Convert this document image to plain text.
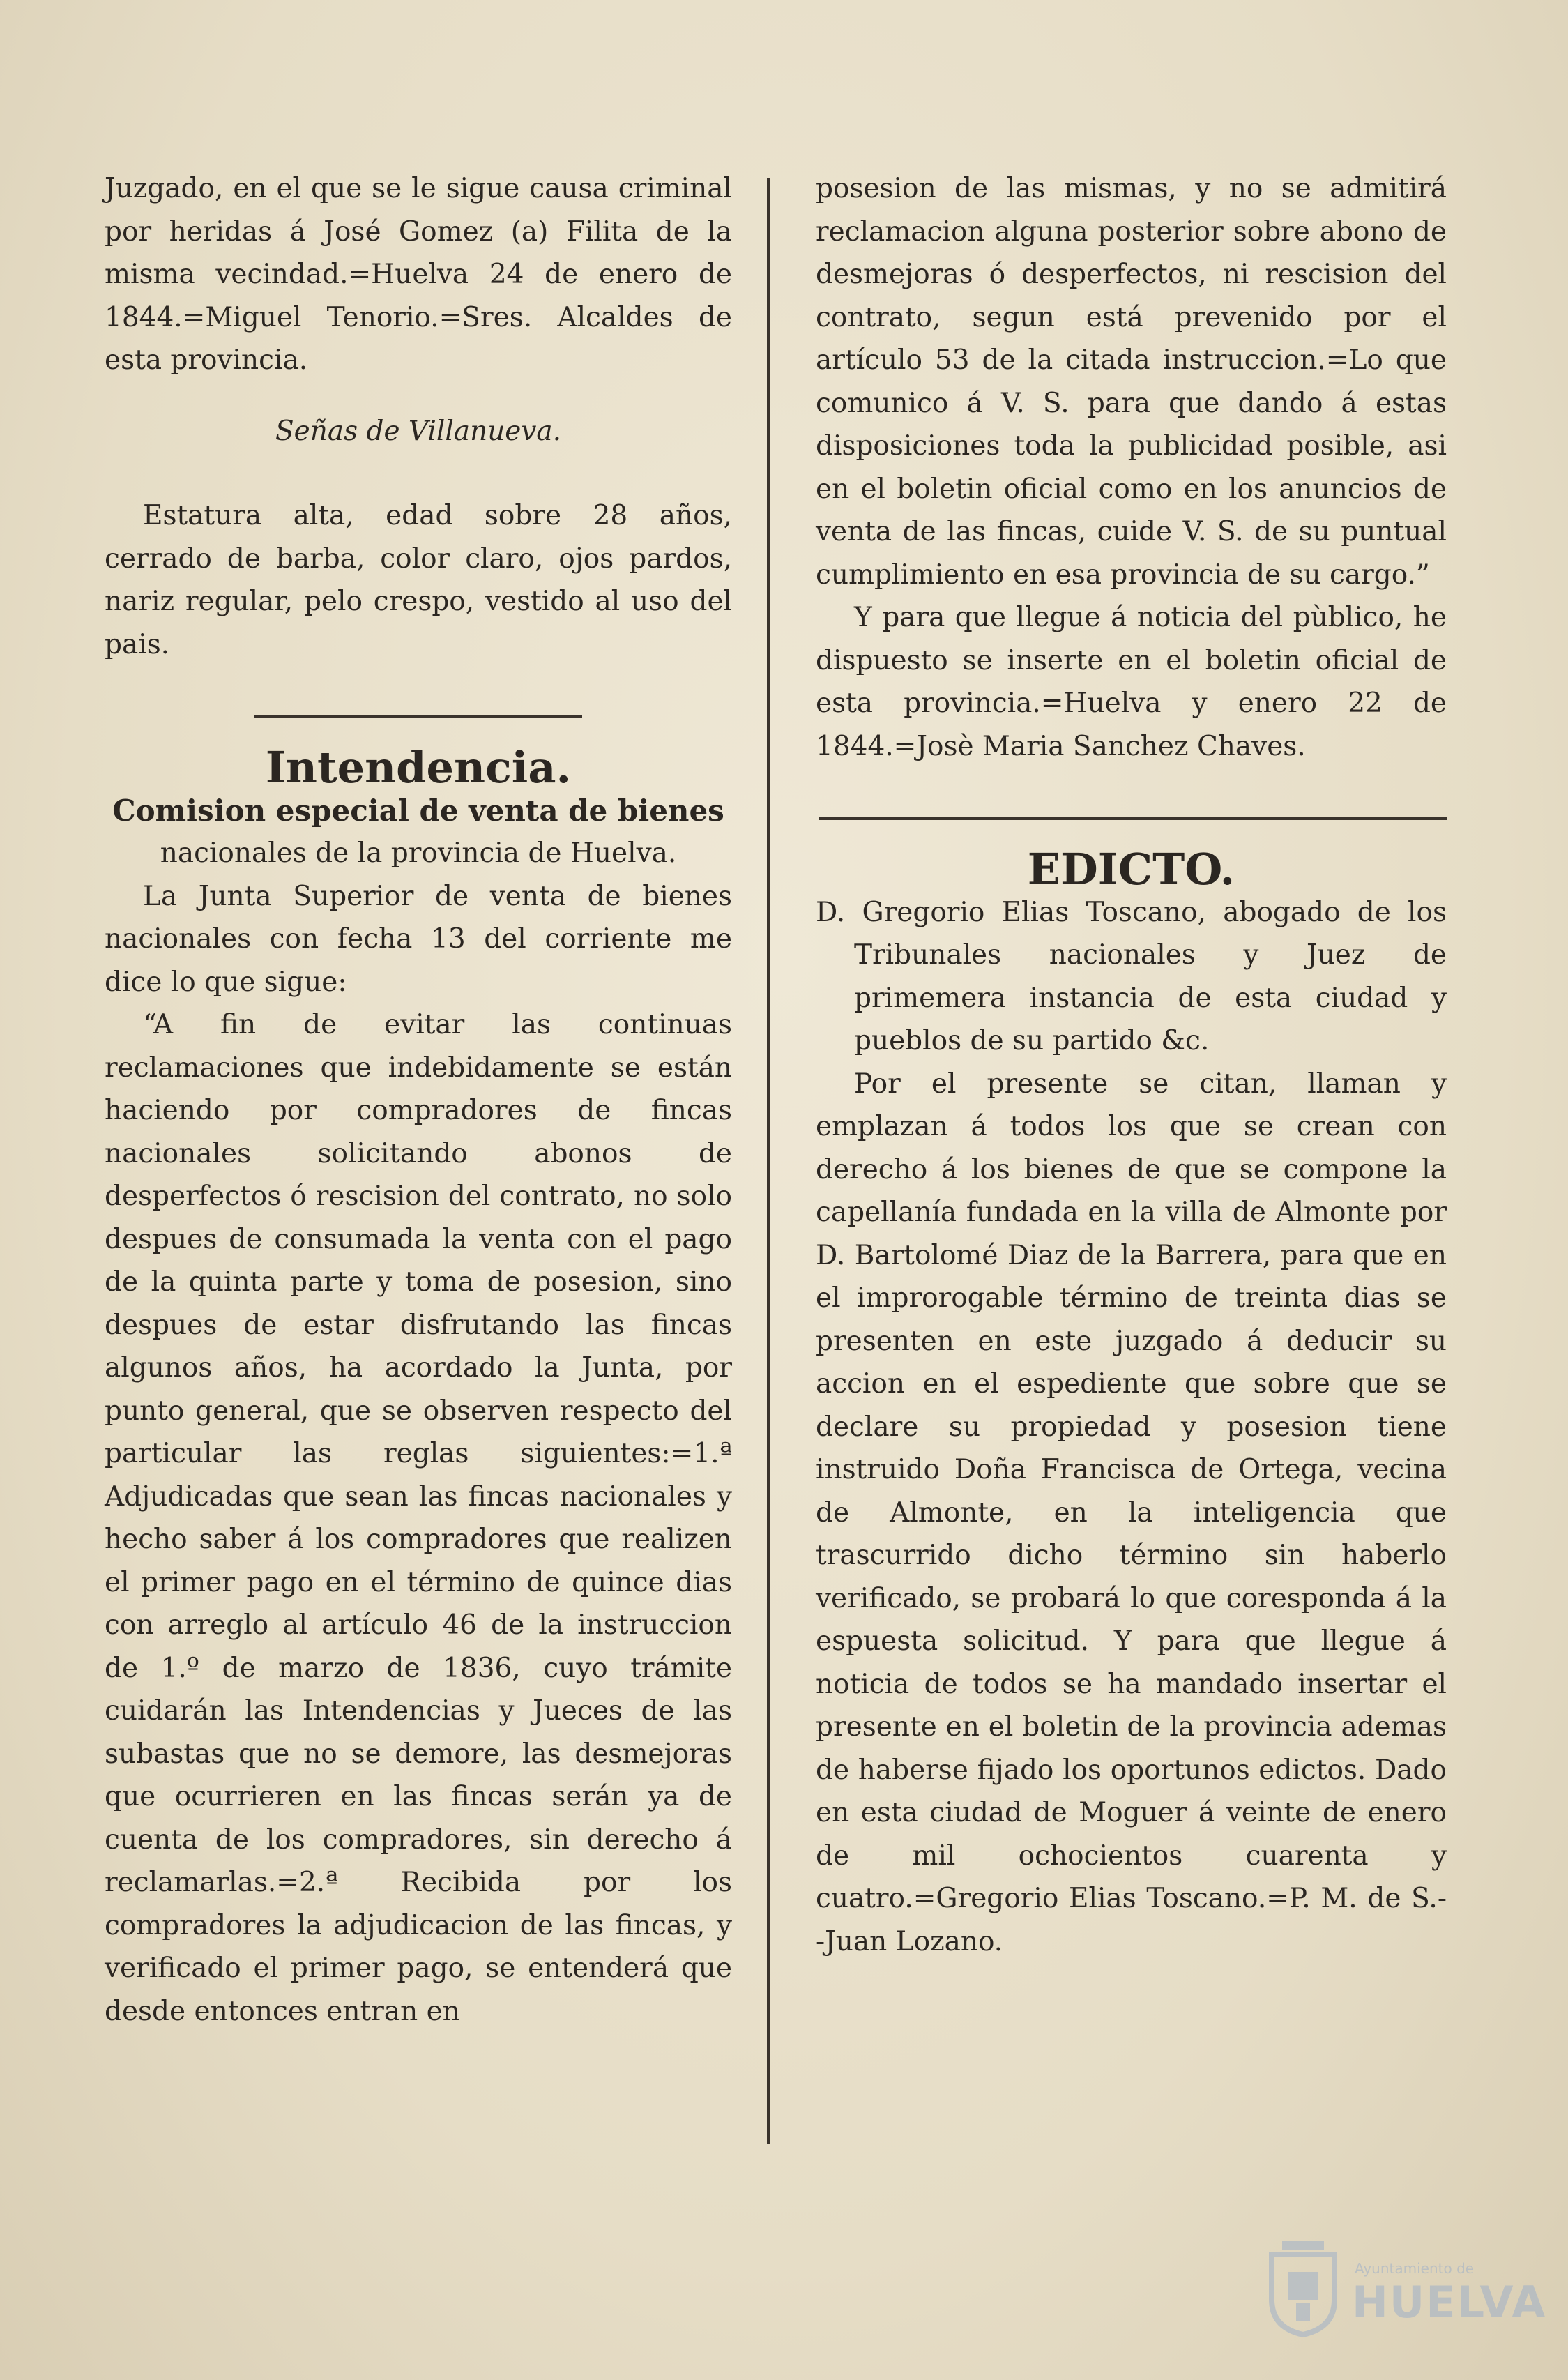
Juzgado, en el que se le sigue causa criminal por heridas á José Gomez (a) Filita de la misma vecindad.=Huelva 24 de enero de 1844.=Miguel Tenorio.=Sres. Alcaldes de esta provincia.

Señas de Villanueva.

Estatura alta, edad sobre 28 años, cerrado de barba, color claro, ojos pardos, nariz regular, pelo crespo, vestido al uso del pais.

Intendencia.

Comision especial de venta de bienes

nacionales de la provincia de Huelva.

La Junta Superior de venta de bienes nacionales con fecha 13 del corriente me dice lo que sigue:

“A fin de evitar las continuas reclamaciones que indebidamente se están haciendo por compradores de fincas nacionales solicitando abonos de desperfectos ó rescision del contrato, no solo despues de consumada la venta con el pago de la quinta parte y toma de posesion, sino despues de estar disfrutando las fincas algunos años, ha acordado la Junta, por punto general, que se observen respecto del particular las reglas siguientes:=1.ª Adjudicadas que sean las fincas nacionales y hecho saber á los compradores que realizen el primer pago en el término de quince dias con arreglo al artículo 46 de la instruccion de 1.º de marzo de 1836, cuyo trámite cuidarán las Intendencias y Jueces de las subastas que no se demore, las desmejoras que ocurrieren en las fincas serán ya de cuenta de los compradores, sin derecho á reclamarlas.=2.ª Recibida por los compradores la adjudicacion de las fincas, y verificado el primer pago, se entenderá que desde entonces entran en

posesion de las mismas, y no se admitirá reclamacion alguna posterior sobre abono de desmejoras ó desperfectos, ni rescision del contrato, segun está prevenido por el artículo 53 de la citada instruccion.=Lo que comunico á V. S. para que dando á estas disposiciones toda la publicidad posible, asi en el boletin oficial como en los anuncios de venta de las fincas, cuide V. S. de su puntual cumplimiento en esa provincia de su cargo.”

Y para que llegue á noticia del pùblico, he dispuesto se inserte en el boletin oficial de esta provincia.=Huelva y enero 22 de 1844.=Josè Maria Sanchez Chaves.

EDICTO.

D. Gregorio Elias Toscano, abogado de los Tribunales nacionales y Juez de primemera instancia de esta ciudad y pueblos de su partido &c.

Por el presente se citan, llaman y emplazan á todos los que se crean con derecho á los bienes de que se compone la capellanía fundada en la villa de Almonte por D. Bartolomé Diaz de la Barrera, para que en el improrogable término de treinta dias se presenten en este juzgado á deducir su accion en el espediente que sobre que se declare su propiedad y posesion tiene instruido Doña Francisca de Ortega, vecina de Almonte, en la inteligencia que trascurrido dicho término sin haberlo verificado, se probará lo que coresponda á la espuesta solicitud. Y para que llegue á noticia de todos se ha mandado insertar el presente en el boletin de la provincia ademas de haberse fijado los oportunos edictos. Dado en esta ciudad de Moguer á veinte de enero de mil ochocientos cuarenta y cuatro.=Gregorio Elias Toscano.=P. M. de S.--Juan Lozano.

Ayuntamiento de
HUELVA
